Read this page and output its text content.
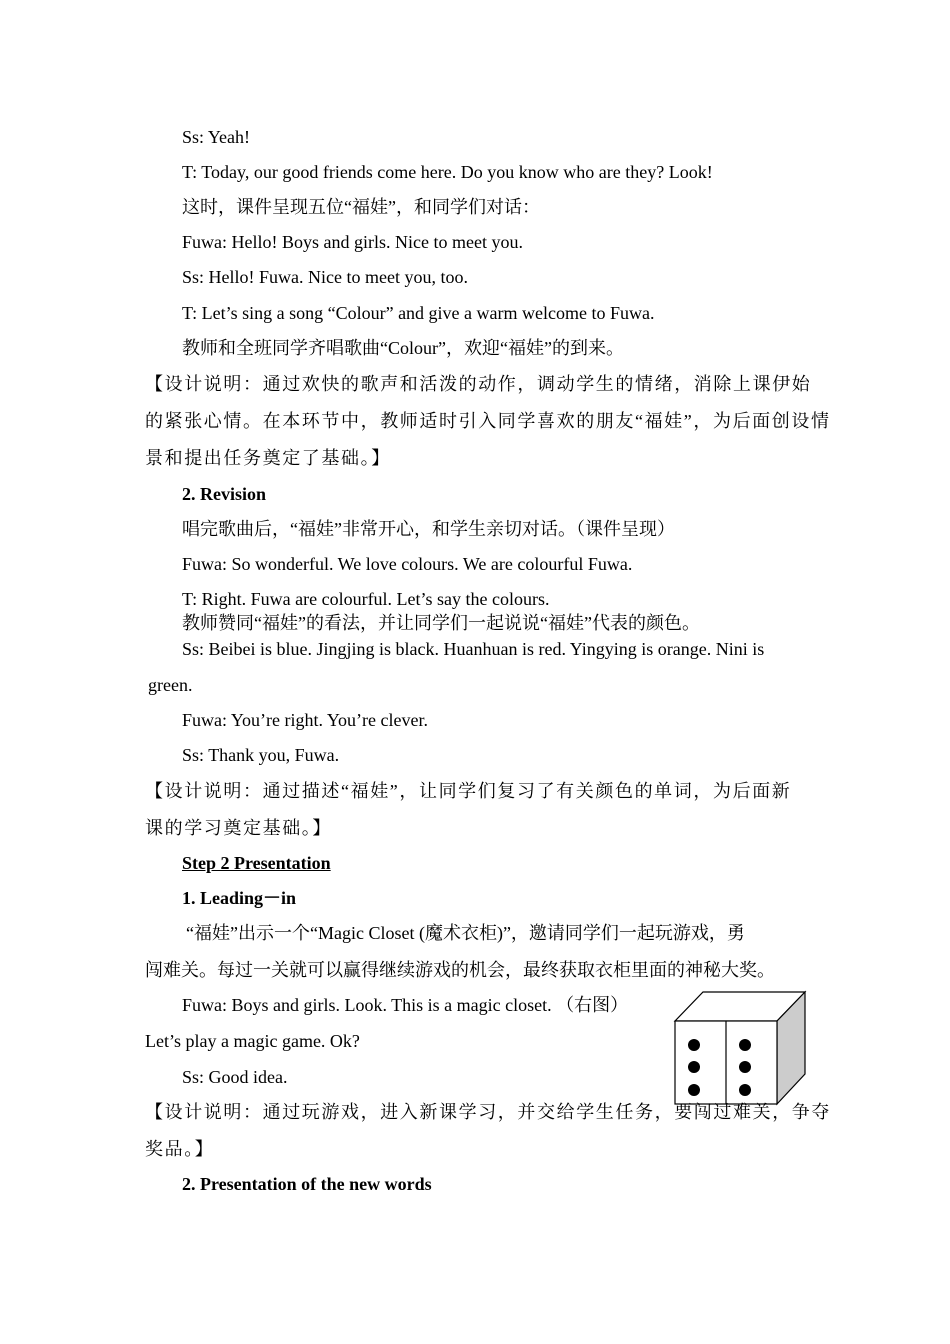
Ss: Yeah!
T: Today, our good friends come here. Do you know who are they? Look!
这时，课件呈现五位“福娃”，和同学们对话：
Fuwa: Hello! Boys and girls. Nice to meet you.
Ss: Hello! Fuwa. Nice to meet you, too.
T: Let’s sing a song “Colour” and give a warm welcome to Fuwa.
教师和全班同学齐唱歌曲“Colour”，欢迎“福娃”的到来。
【设计说明：通过欢快的歌声和活泼的动作，调动学生的情绪，消除上课伊始
的紧张心情。在本环节中，教师适时引入同学喜欢的朋友“福娃”，为后面创设情
景和提出任务奠定了基础。】
2. Revision
唱完歌曲后，“福娃”非常开心，和学生亲切对话。（课件呈现）
Fuwa: So wonderful. We love colours. We are colourful Fuwa.
T: Right. Fuwa are colourful. Let’s say the colours.
教师赞同“福娃”的看法，并让同学们一起说说“福娃”代表的颜色。
Ss: Beibei is blue. Jingjing is black. Huanhuan is red. Yingying is orange. Nini is
green.
Fuwa: You’re right. You’re clever.
Ss: Thank you, Fuwa.
【设计说明：通过描述“福娃”，让同学们复习了有关颜色的单词，为后面新
课的学习奠定基础。】
Step 2 Presentation
1. Leading－in
“福娃”出示一个“Magic Closet (魔术衣柜)”，邀请同学们一起玩游戏，勇
闯难关。每过一关就可以赢得继续游戏的机会，最终获取衣柜里面的神秘大奖。
Fuwa: Boys and girls. Look. This is a magic closet. （右图）
Let’s play a magic game. Ok?
Ss: Good idea.
【设计说明：通过玩游戏，进入新课学习，并交给学生任务，要闯过难关，争夺
奖品。】
2. Presentation of the new words
